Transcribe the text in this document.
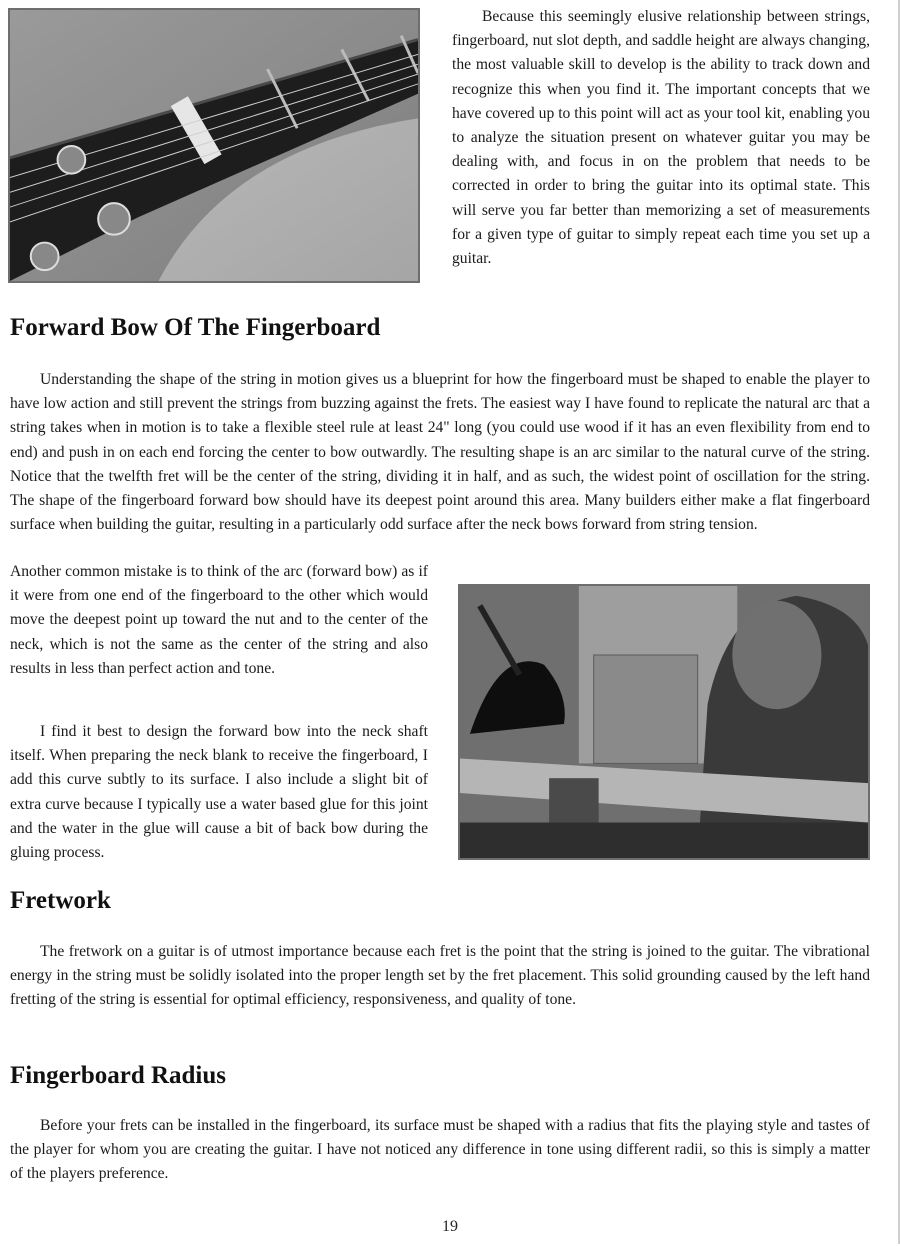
Because this seemingly elusive relationship between strings, fingerboard, nut slot depth, and saddle height are always changing, the most valuable skill to develop is the ability to track down and recognize this when you find it. The important concepts that we have covered up to this point will act as your tool kit, enabling you to analyze the situation present on whatever guitar you may be dealing with, and focus in on the problem that needs to be corrected in order to bring the guitar into its optimal state. This will serve you far better than memorizing a set of measurements for a given type of guitar to simply repeat each time you set up a guitar.

Forward Bow Of The Fingerboard

Understanding the shape of the string in motion gives us a blueprint for how the fingerboard must be shaped to enable the player to have low action and still prevent the strings from buzzing against the frets. The easiest way I have found to replicate the natural arc that a string takes when in motion is to take a flexible steel rule at least 24" long (you could use wood if it has an even flexibility from end to end) and push in on each end forcing the center to bow outwardly. The resulting shape is an arc similar to the natural curve of the string. Notice that the twelfth fret will be the center of the string, dividing it in half, and as such, the widest point of oscillation for the string. The shape of the fingerboard forward bow should have its deepest point around this area. Many builders either make a flat fingerboard surface when building the guitar, resulting in a particularly odd surface after the neck bows forward from string tension.

Another common mistake is to think of the arc (forward bow) as if it were from one end of the fingerboard to the other which would move the deepest point up toward the nut and to the center of the neck, which is not the same as the center of the string and also results in less than perfect action and tone.

I find it best to design the forward bow into the neck shaft itself. When preparing the neck blank to receive the fingerboard, I add this curve subtly to its surface. I also include a slight bit of extra curve because I typically use a water based glue for this joint and the water in the glue will cause a bit of back bow during the gluing process.

Fretwork

The fretwork on a guitar is of utmost importance because each fret is the point that the string is joined to the guitar. The vibrational energy in the string must be solidly isolated into the proper length set by the fret placement. This solid grounding caused by the left hand fretting of the string is essential for optimal efficiency, responsiveness, and quality of tone.

Fingerboard Radius

Before your frets can be installed in the fingerboard, its surface must be shaped with a radius that fits the playing style and tastes of the player for whom you are creating the guitar. I have not noticed any difference in tone using different radii, so this is simply a matter of the players preference.

19
